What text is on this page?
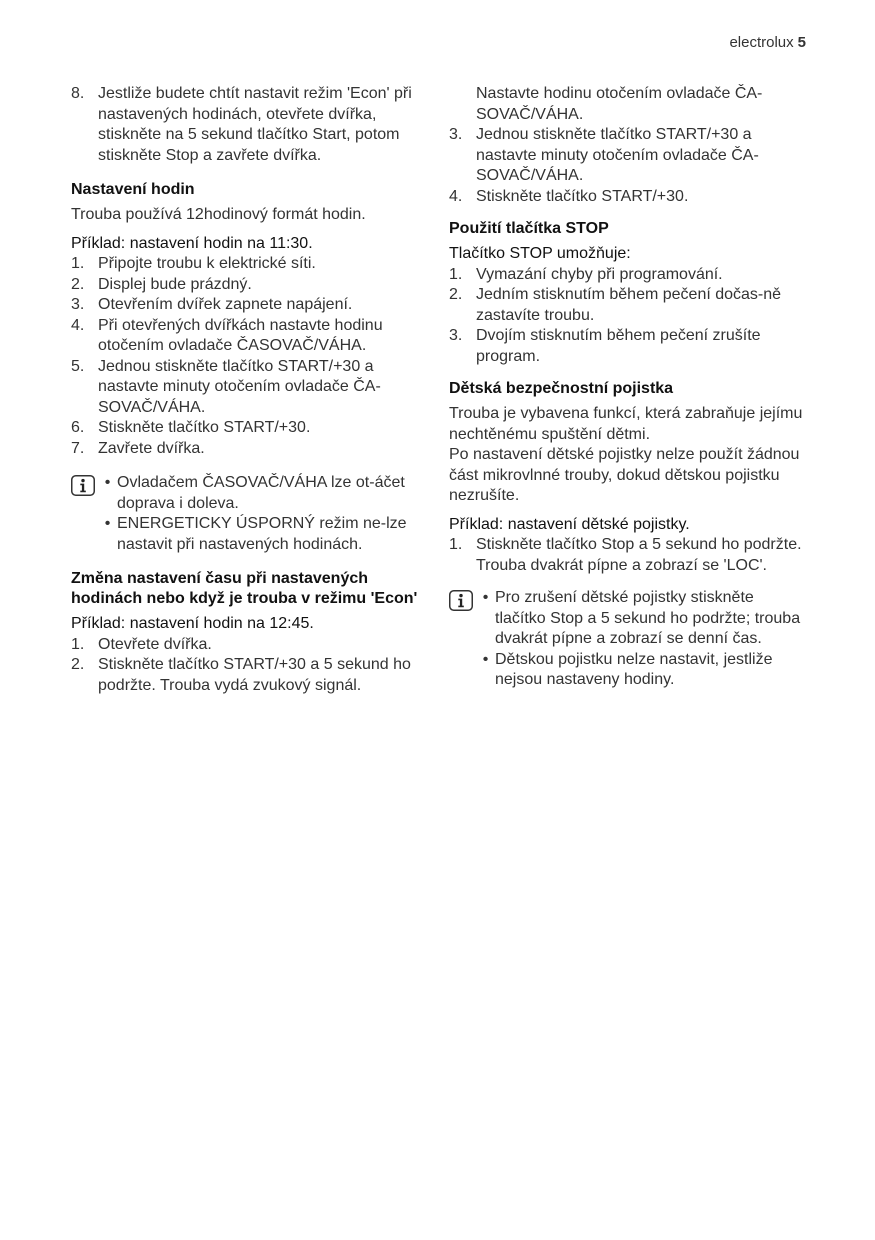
electrolux 5
8. Jestliže budete chtít nastavit režim 'Econ' při nastavených hodinách, otevřete dvířka, stiskněte na 5 sekund tlačítko Start, potom stiskněte Stop a zavřete dvířka.
Nastavení hodin
Trouba používá 12hodinový formát hodin.
Příklad: nastavení hodin na 11:30.
1. Připojte troubu k elektrické síti.
2. Displej bude prázdný.
3. Otevřením dvířek zapnete napájení.
4. Při otevřených dvířkách nastavte hodinu otočením ovladače ČASOVAČ/VÁHA.
5. Jednou stiskněte tlačítko START/+30 a nastavte minuty otočením ovladače ČA-SOVAČ/VÁHA.
6. Stiskněte tlačítko START/+30.
7. Zavřete dvířka.
• Ovladačem ČASOVAČ/VÁHA lze ot-áčet doprava i doleva.
• ENERGETICKY ÚSPORNÝ režim ne-lze nastavit při nastavených hodinách.
Změna nastavení času při nastavených hodinách nebo když je trouba v režimu 'Econ'
Příklad: nastavení hodin na 12:45.
1. Otevřete dvířka.
2. Stiskněte tlačítko START/+30 a 5 sekund ho podržte. Trouba vydá zvukový signál.
Nastavte hodinu otočením ovladače ČA-SOVAČ/VÁHA.
3. Jednou stiskněte tlačítko START/+30 a nastavte minuty otočením ovladače ČA-SOVAČ/VÁHA.
4. Stiskněte tlačítko START/+30.
Použití tlačítka STOP
Tlačítko STOP umožňuje:
1. Vymazání chyby při programování.
2. Jedním stisknutím během pečení dočas-ně zastavíte troubu.
3. Dvojím stisknutím během pečení zrušíte program.
Dětská bezpečnostní pojistka
Trouba je vybavena funkcí, která zabraňuje jejímu nechtěnému spuštění dětmi.
Po nastavení dětské pojistky nelze použít žádnou část mikrovlnné trouby, dokud dětskou pojistku nezrušíte.
Příklad: nastavení dětské pojistky.
1. Stiskněte tlačítko Stop a 5 sekund ho podržte. Trouba dvakrát pípne a zobrazí se 'LOC'.
• Pro zrušení dětské pojistky stiskněte tlačítko Stop a 5 sekund ho podržte; trouba dvakrát pípne a zobrazí se denní čas.
• Dětskou pojistku nelze nastavit, jestliže nejsou nastaveny hodiny.
